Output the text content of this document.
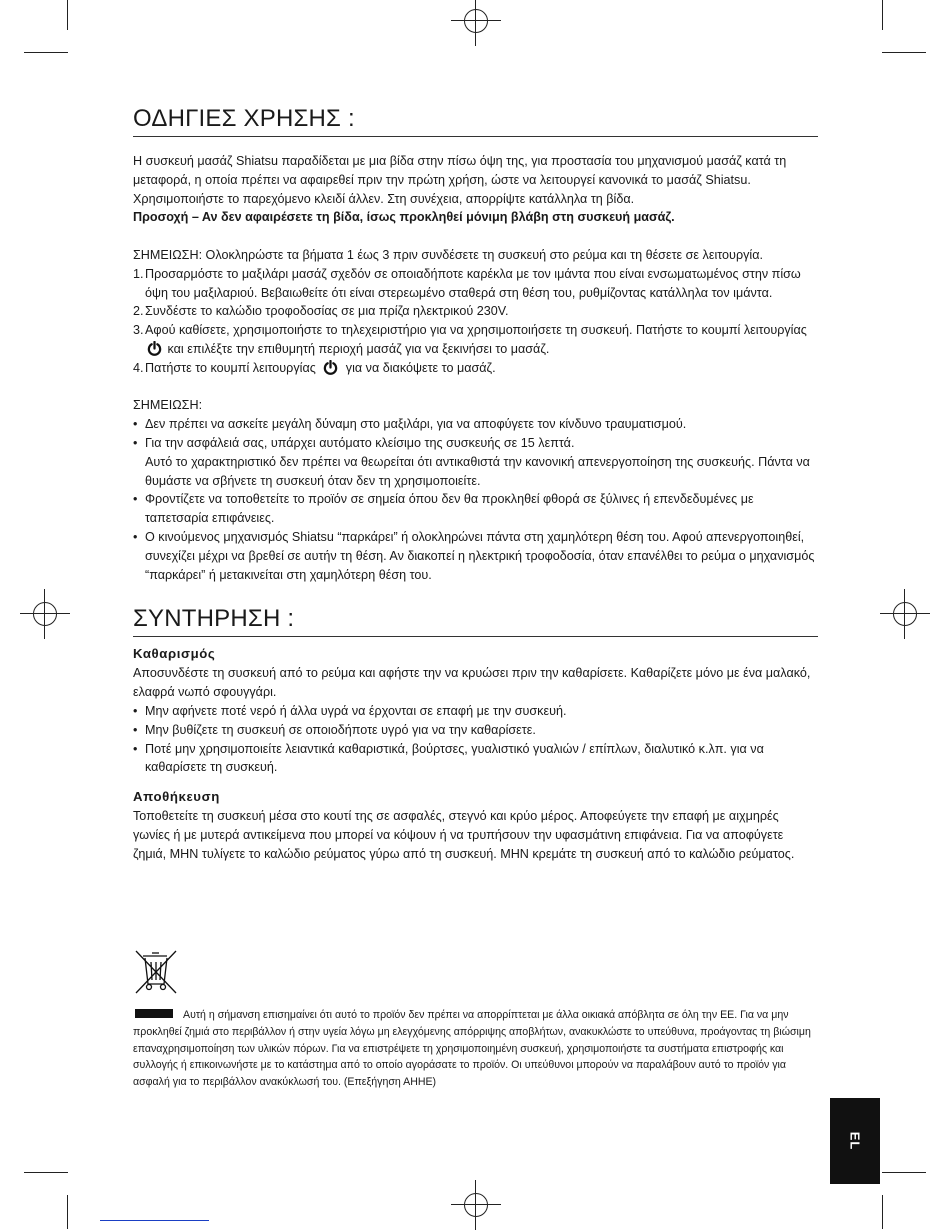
ΟΔΗΓΙΕΣ ΧΡΗΣΗΣ :

Η συσκευή μασάζ Shiatsu παραδίδεται με μια βίδα στην πίσω όψη της, για προστασία του μηχανισμού μασάζ κατά τη μεταφορά, η οποία πρέπει να αφαιρεθεί πριν την πρώτη χρήση, ώστε να λειτουργεί κανονικά το μασάζ Shiatsu. Χρησιμοποιήστε το παρεχόμενο κλειδί άλλεν. Στη συνέχεια, απορρίψτε κατάλληλα τη βίδα.

Προσοχή – Αν δεν αφαιρέσετε τη βίδα, ίσως προκληθεί μόνιμη βλάβη στη συσκευή μασάζ.

ΣΗΜΕΙΩΣΗ: Ολοκληρώστε τα βήματα 1 έως 3 πριν συνδέσετε τη συσκευή στο ρεύμα και τη θέσετε σε λειτουργία.

1. Προσαρμόστε το μαξιλάρι μασάζ σχεδόν σε οποιαδήποτε καρέκλα με τον ιμάντα που είναι ενσωματωμένος στην πίσω όψη του μαξιλαριού. Βεβαιωθείτε ότι είναι στερεωμένο σταθερά στη θέση του, ρυθμίζοντας κατάλληλα τον ιμάντα.
2. Συνδέστε το καλώδιο τροφοδοσίας σε μια πρίζα ηλεκτρικού 230V.
3. Αφού καθίσετε, χρησιμοποιήστε το τηλεχειριστήριο για να χρησιμοποιήσετε τη συσκευή. Πατήστε το κουμπί λειτουργίας  και επιλέξτε την επιθυμητή περιοχή μασάζ για να ξεκινήσει το μασάζ.
4. Πατήστε το κουμπί λειτουργίας για να διακόψετε το μασάζ.

ΣΗΜΕΙΩΣΗ:

• Δεν πρέπει να ασκείτε μεγάλη δύναμη στο μαξιλάρι, για να αποφύγετε τον κίνδυνο τραυματισμού.
• Για την ασφάλειά σας, υπάρχει αυτόματο κλείσιμο της συσκευής σε 15 λεπτά.
Αυτό το χαρακτηριστικό δεν πρέπει να θεωρείται ότι αντικαθιστά την κανονική απενεργοποίηση της συσκευής. Πάντα να θυμάστε να σβήνετε τη συσκευή όταν δεν τη χρησιμοποιείτε.
• Φροντίζετε να τοποθετείτε το προϊόν σε σημεία όπου δεν θα προκληθεί φθορά σε ξύλινες ή επενδεδυμένες με ταπετσαρία επιφάνειες.
• Ο κινούμενος μηχανισμός Shiatsu “παρκάρει” ή ολοκληρώνει πάντα στη χαμηλότερη θέση του. Αφού απενεργοποιηθεί, συνεχίζει μέχρι να βρεθεί σε αυτήν τη θέση. Αν διακοπεί η ηλεκτρική τροφοδοσία, όταν επανέλθει το ρεύμα ο μηχανισμός “παρκάρει” ή μετακινείται στη χαμηλότερη θέση του.
ΣΥΝΤΗΡΗΣΗ :
Καθαρισμός

Αποσυνδέστε τη συσκευή από το ρεύμα και αφήστε την να κρυώσει πριν την καθαρίσετε. Καθαρίζετε μόνο με ένα μαλακό, ελαφρά νωπό σφουγγάρι.

• Μην αφήνετε ποτέ νερό ή άλλα υγρά να έρχονται σε επαφή με την συσκευή.
• Μην βυθίζετε τη συσκευή σε οποιοδήποτε υγρό για να την καθαρίσετε.
• Ποτέ μην χρησιμοποιείτε λειαντικά καθαριστικά, βούρτσες, γυαλιστικό γυαλιών / επίπλων, διαλυτικό κ.λπ. για να καθαρίσετε τη συσκευή.
Αποθήκευση

Τοποθετείτε τη συσκευή μέσα στο κουτί της σε ασφαλές, στεγνό και κρύο μέρος. Αποφεύγετε την επαφή με αιχμηρές γωνίες ή με μυτερά αντικείμενα που μπορεί να κόψουν ή να τρυπήσουν την υφασμάτινη επιφάνεια. Για να αποφύγετε ζημιά, ΜΗΝ τυλίγετε το καλώδιο ρεύματος γύρω από τη συσκευή. ΜΗΝ κρεμάτε τη συσκευή από το καλώδιο ρεύματος.

Αυτή η σήμανση επισημαίνει ότι αυτό το προϊόν δεν πρέπει να απορρίπτεται με άλλα οικιακά απόβλητα σε όλη την ΕΕ. Για να μην προκληθεί ζημιά στο περιβάλλον ή στην υγεία λόγω μη ελεγχόμενης απόρριψης αποβλήτων, ανακυκλώστε το υπεύθυνα, προάγοντας τη βιώσιμη επαναχρησιμοποίηση των υλικών πόρων. Για να επιστρέψετε τη χρησιμοποιημένη συσκευή, χρησιμοποιήστε τα συστήματα επιστροφής και συλλογής ή επικοινωνήστε με το κατάστημα από το οποίο αγοράσατε το προϊόν. Οι υπεύθυνοι μπορούν να παραλάβουν αυτό το προϊόν για ασφαλή για το περιβάλλον ανακύκλωσή του. (Επεξήγηση ΑΗΗΕ)

EL
